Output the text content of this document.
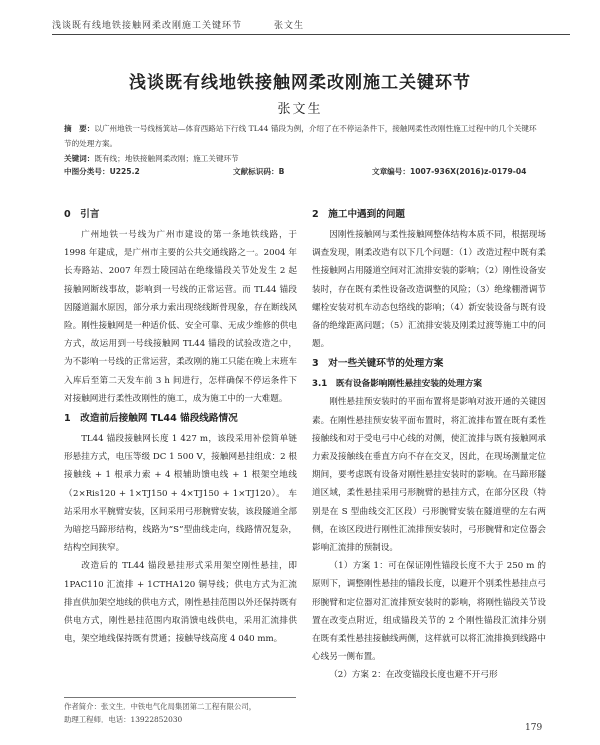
浅谈既有线地铁接触网柔改刚施工关键环节	张文生
浅谈既有线地铁接触网柔改刚施工关键环节
张文生
摘　要：以广州地铁一号线杨箕站—体育西路站下行线 TL44 锚段为例，介绍了在不停运条件下，接触网柔性改刚性施工过程中的几个关键环节的处理方案。
关键词：既有线；地铁接触网柔改刚；施工关键环节
中图分类号：U225.2	文献标识码：B	文章编号：1007-936X(2016)z-0179-04
0　引言

广州地铁一号线为广州市建设的第一条地铁线路，于 1998 年建成，是广州市主要的公共交通线路之一。2004 年长寿路站、2007 年烈士陵园站在绝缘锚段关节处发生 2 起接触网断线事故，影响到一号线的正常运营。而 TL44 锚段因隧道漏水原因，部分承力索出现绕线断骨现象，存在断线风险。刚性接触网是一种适价低、安全可靠、无成少维修的供电方式，故运用到一号线接触网 TL44 锚段的试验改造之中，为不影响一号线的正常运营，柔改刚的施工只能在晚上末班车入库后至第二天发车前 3 h 间进行，怎样确保不停运条件下对接触网进行柔性改刚性的施工，成为施工中的一大难题。

1　改造前后接触网 TL44 锚段线路情况

TL44 锚段接触网长度 1 427 m，该段采用补偿简单链形悬挂方式，电压等级 DC 1 500 V，接触网悬挂组成：2 根接触线 + 1 根承力索 + 4 根辅助馈电线 + 1 根架空地线（2×Ris120 + 1×TJ150 + 4×TJ150 + 1×TJ120）。 车站采用水平腕臂安装，区间采用弓形腕臂安装，该段隧道全部为暗挖马蹄形结构，线路为“S”型曲线走向，线路情况复杂，结构空间狭窄。

改造后的 TL44 锚段悬挂形式采用架空刚性悬挂，即 1PAC110 汇流排 + 1CTHA120 铜导线；供电方式为汇流排直供加架空地线的供电方式，刚性悬挂范围以外还保持既有供电方式，刚性悬挂范围内取消馈电线供电，采用汇流排供电，架空地线保持既有贯通；接触导线高度 4 040 mm。

作者简介：张文生．中铁电气化局集团第二工程有限公司，
助理工程师．电话：13922852030
2　施工中遇到的问题

因刚性接触网与柔性接触网整体结构本质不同，根据现场调查发现，刚柔改造有以下几个问题：（1）改造过程中既有柔性接触网占用隧道空间对汇流排安装的影响；（2）刚性设备安装时，存在既有柔性设备改造调整的风险；（3）绝缘棚滑调节螺栓安装对机车动态包络线的影响；（4）新安装设备与既有设备的绝缘距离问题；（5）汇流排安装及刚柔过渡等施工中的问题。

3　对一些关键环节的处理方案
3.1　既有设备影响刚性悬挂安装的处理方案

刚性悬挂预安装时的平面布置将是影响对波开通的关键因素。在刚性悬挂预安装平面布置时，将汇流排布置在既有柔性接触线和对于受电弓中心线的对侧，使汇流排与既有接触网承力索及接触线在垂直方向不存在交叉，因此，在现场测量定位期间，要考虑既有设备对刚性悬挂安装时的影响。在马蹄形隧道区域，柔性悬挂采用弓形腕臂的悬挂方式，在部分区段（特别是在 S 型曲线交汇区段）弓形腕臂安装在隧道壁的左右两侧，在该区段进行刚性汇流排预安装时，弓形腕臂和定位器会影响汇流排的预制设。

（1）方案 1：可在保证刚性锚段长度不大于 250 m 的原则下，调整刚性悬挂的锚段长度，以避开个别柔性悬挂点弓形腕臂和定位器对汇流排预安装时的影响，将刚性锚段关节设置在改变点附近，组成锚段关节的 2 个刚性锚段汇流排分别在既有柔性悬挂接触线两侧，这样就可以将汇流排换到线路中心线另一侧布置。

（2）方案 2：在改变锚段长度也避不开弓形

179
